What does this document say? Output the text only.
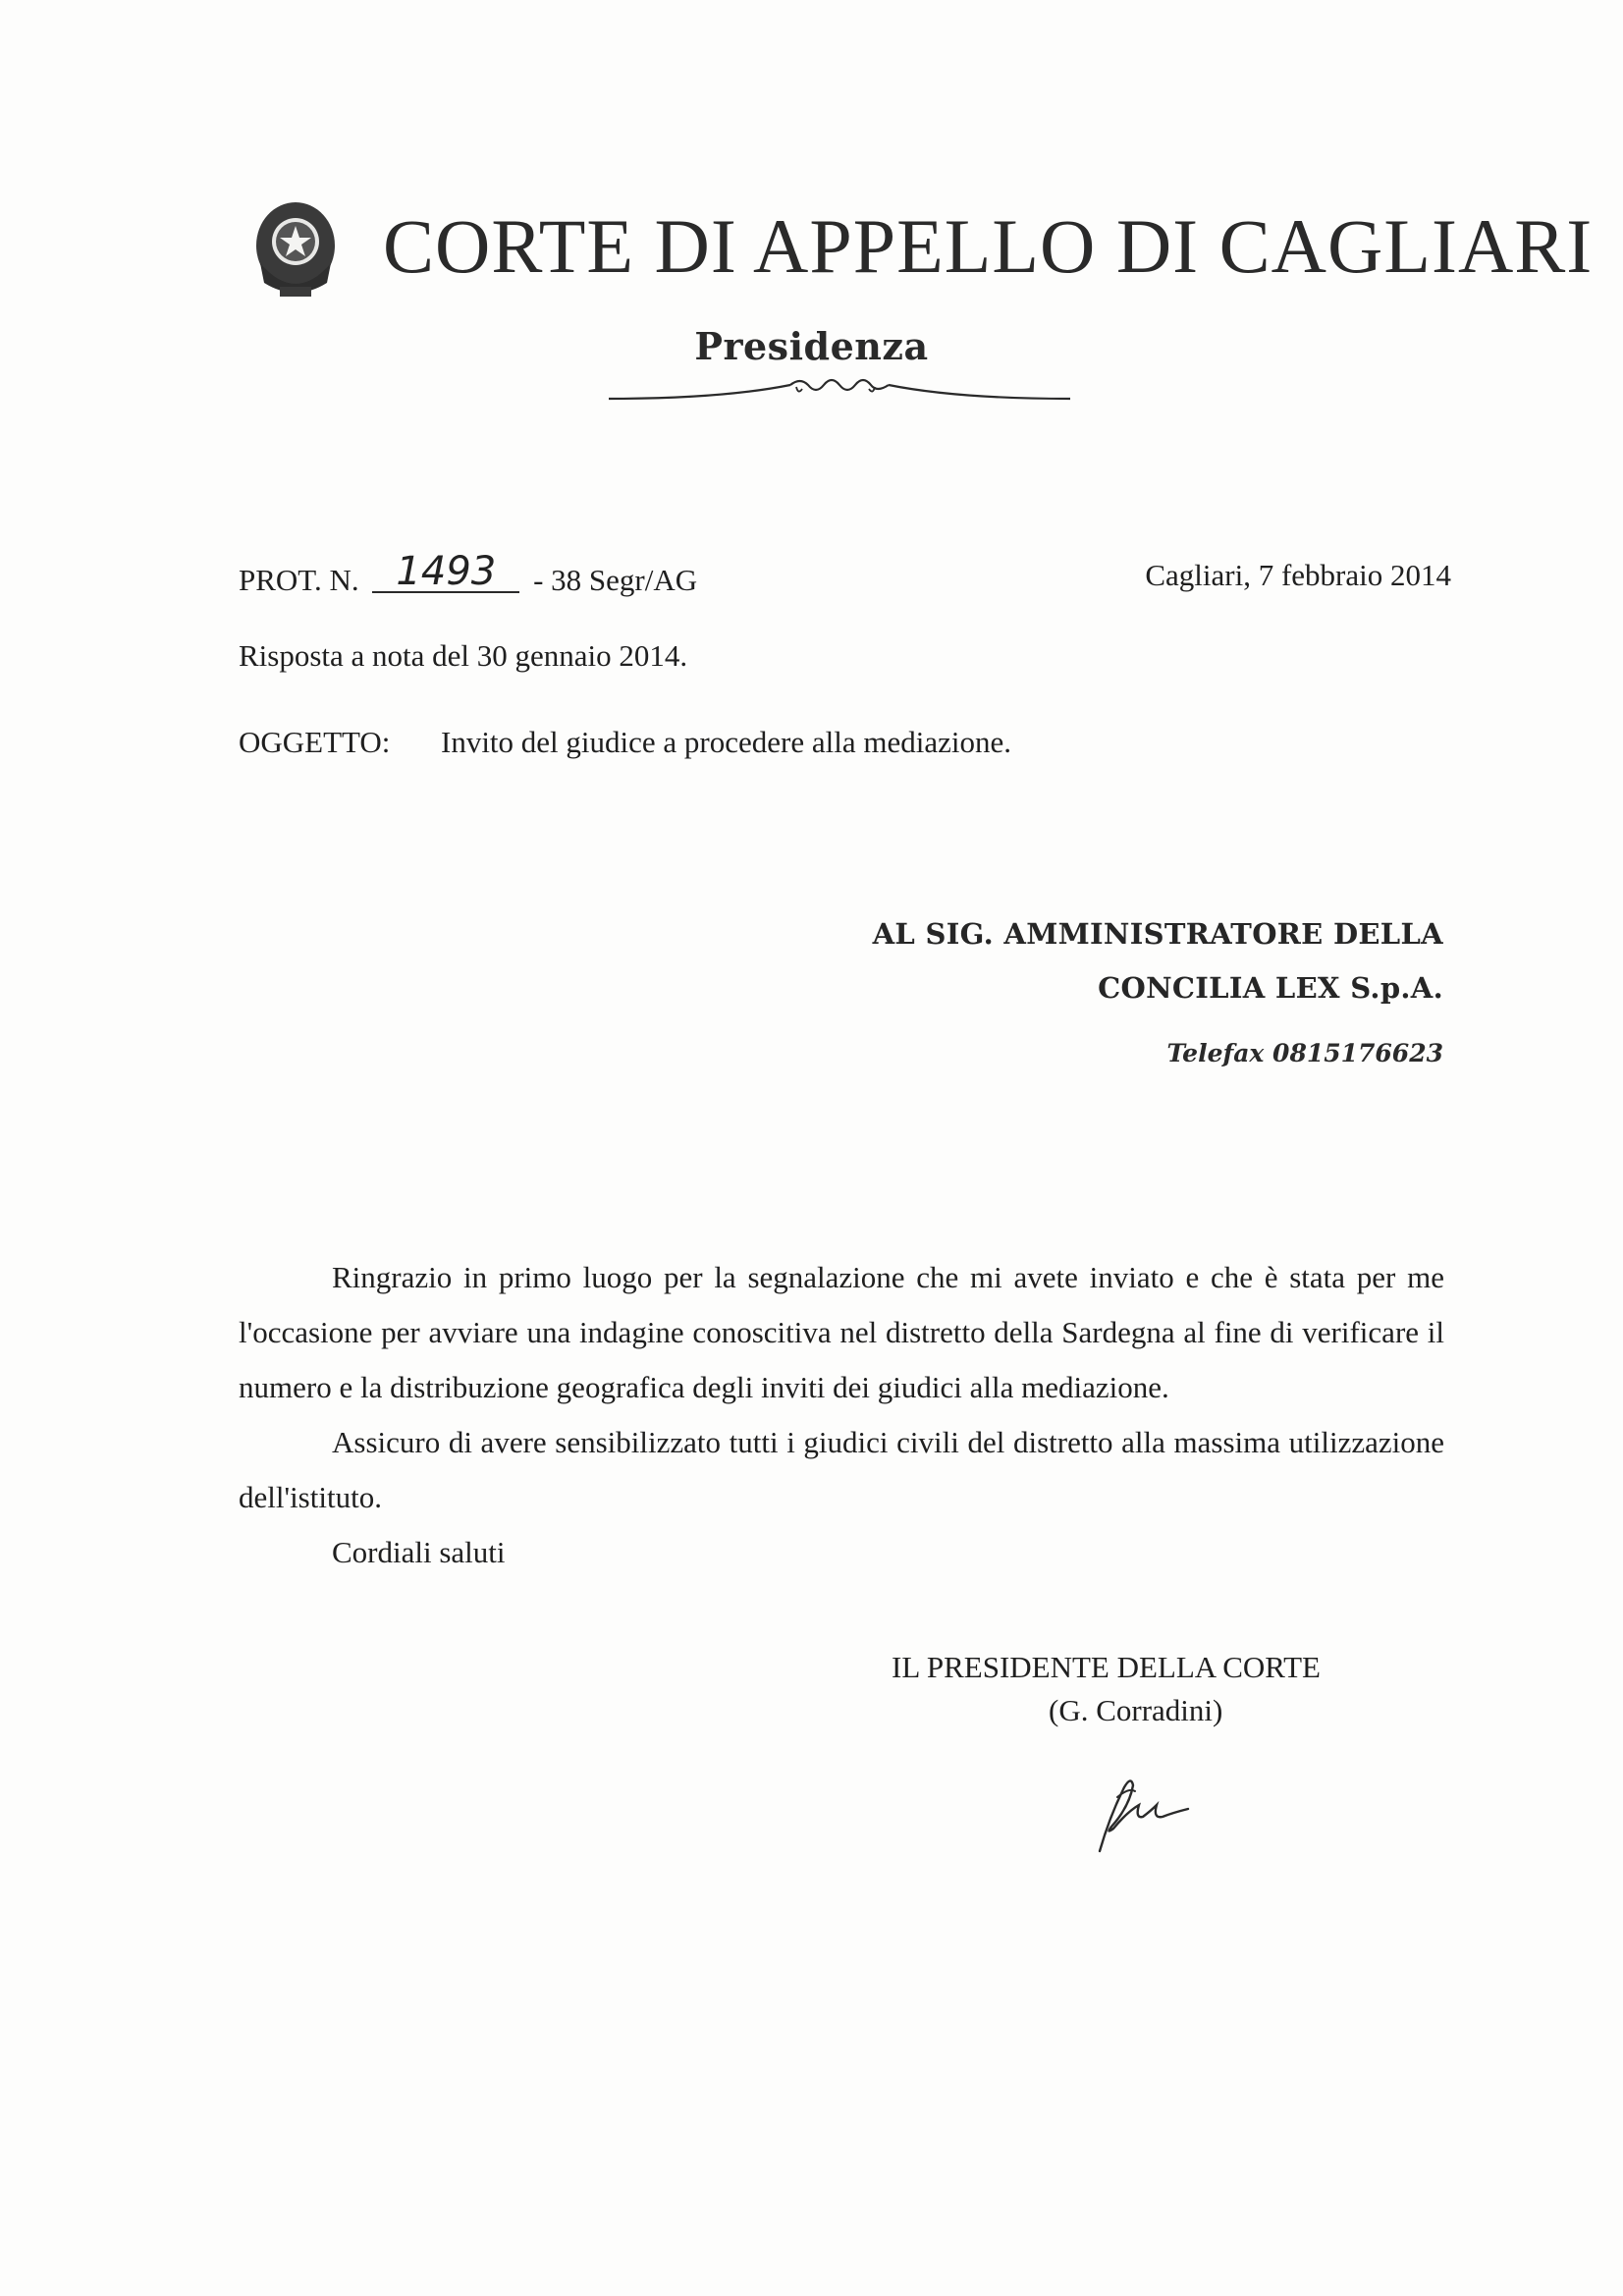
CORTE DI APPELLO DI CAGLIARI
Presidenza
PROT. N. 1493 - 38 Segr/AG	Cagliari, 7 febbraio 2014
Risposta a nota del 30 gennaio 2014.
OGGETTO: Invito del giudice a procedere alla mediazione.
AL SIG. AMMINISTRATORE DELLA
CONCILIA LEX S.p.A.
Telefax 0815176623

Ringrazio in primo luogo per la segnalazione che mi avete inviato e che è stata per me l'occasione per avviare una indagine conoscitiva nel distretto della Sardegna al fine di verificare il numero e la distribuzione geografica degli inviti dei giudici alla mediazione.

Assicuro di avere sensibilizzato tutti i giudici civili del distretto alla massima utilizzazione dell'istituto.

Cordiali saluti

IL PRESIDENTE DELLA CORTE
(G. Corradini)
